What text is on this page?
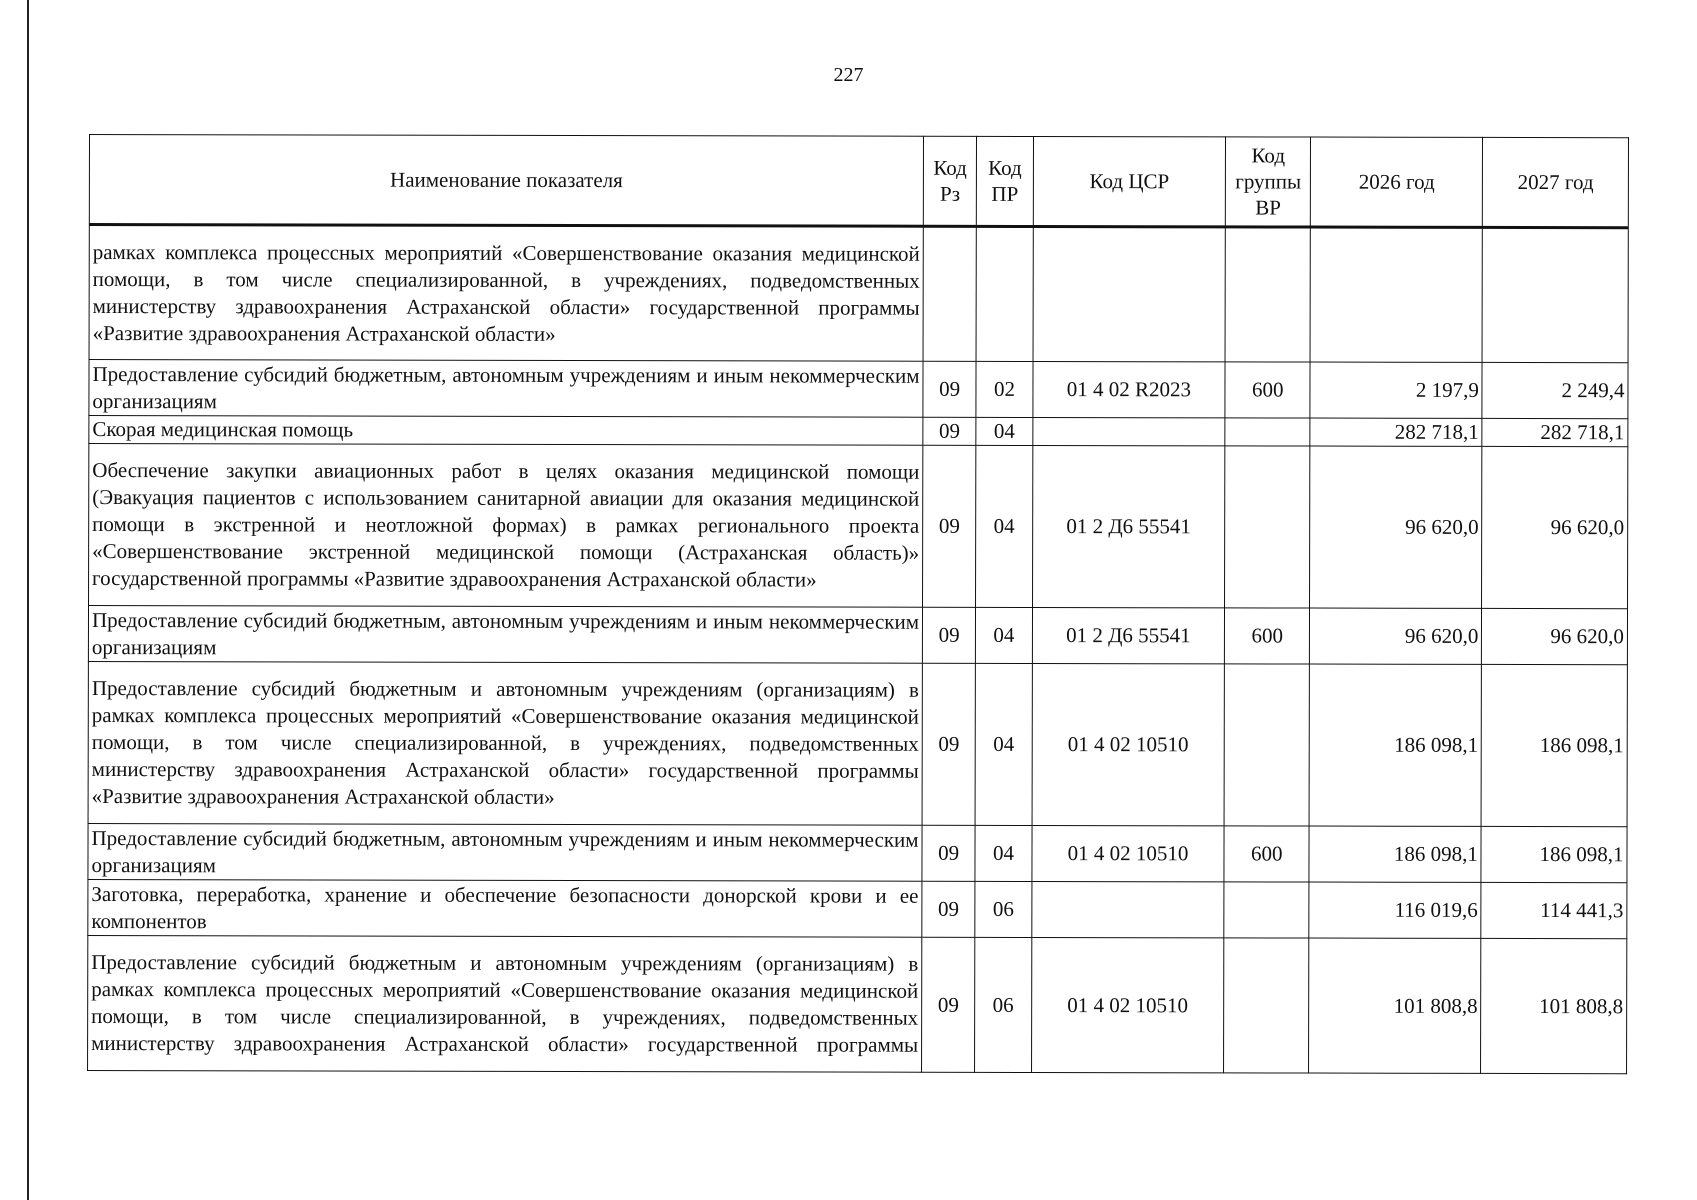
227
Наименование показателя	Код Рз	Код ПР	Код ЦСР	Код группы ВР	2026 год	2027 год
рамках комплекса процессных мероприятий «Совершенствование оказания медицинской помощи, в том числе специализированной, в учреждениях, подведомственных министерству здравоохранения Астраханской области» государственной программы «Развитие здравоохранения Астраханской области»						
Предоставление субсидий бюджетным, автономным учреждениям и иным некоммерческим организациям	09	02	01 4 02 R2023	600	2 197,9	2 249,4
Скорая медицинская помощь	09	04			282 718,1	282 718,1
Обеспечение закупки авиационных работ в целях оказания медицинской помощи (Эвакуация пациентов с использованием санитарной авиации для оказания медицинской помощи в экстренной и неотложной формах) в рамках регионального проекта «Совершенствование экстренной медицинской помощи (Астраханская область)» государственной программы «Развитие здравоохранения Астраханской области»	09	04	01 2 Д6 55541		96 620,0	96 620,0
Предоставление субсидий бюджетным, автономным учреждениям и иным некоммерческим организациям	09	04	01 2 Д6 55541	600	96 620,0	96 620,0
Предоставление субсидий бюджетным и автономным учреждениям (организациям) в рамках комплекса процессных мероприятий «Совершенствование оказания медицинской помощи, в том числе специализированной, в учреждениях, подведомственных министерству здравоохранения Астраханской области» государственной программы «Развитие здравоохранения Астраханской области»	09	04	01 4 02 10510		186 098,1	186 098,1
Предоставление субсидий бюджетным, автономным учреждениям и иным некоммерческим организациям	09	04	01 4 02 10510	600	186 098,1	186 098,1
Заготовка, переработка, хранение и обеспечение безопасности донорской крови и ее компонентов	09	06			116 019,6	114 441,3
Предоставление субсидий бюджетным и автономным учреждениям (организациям) в рамках комплекса процессных мероприятий «Совершенствование оказания медицинской помощи, в том числе специализированной, в учреждениях, подведомственных министерству здравоохранения Астраханской области» государственной программы	09	06	01 4 02 10510		101 808,8	101 808,8
